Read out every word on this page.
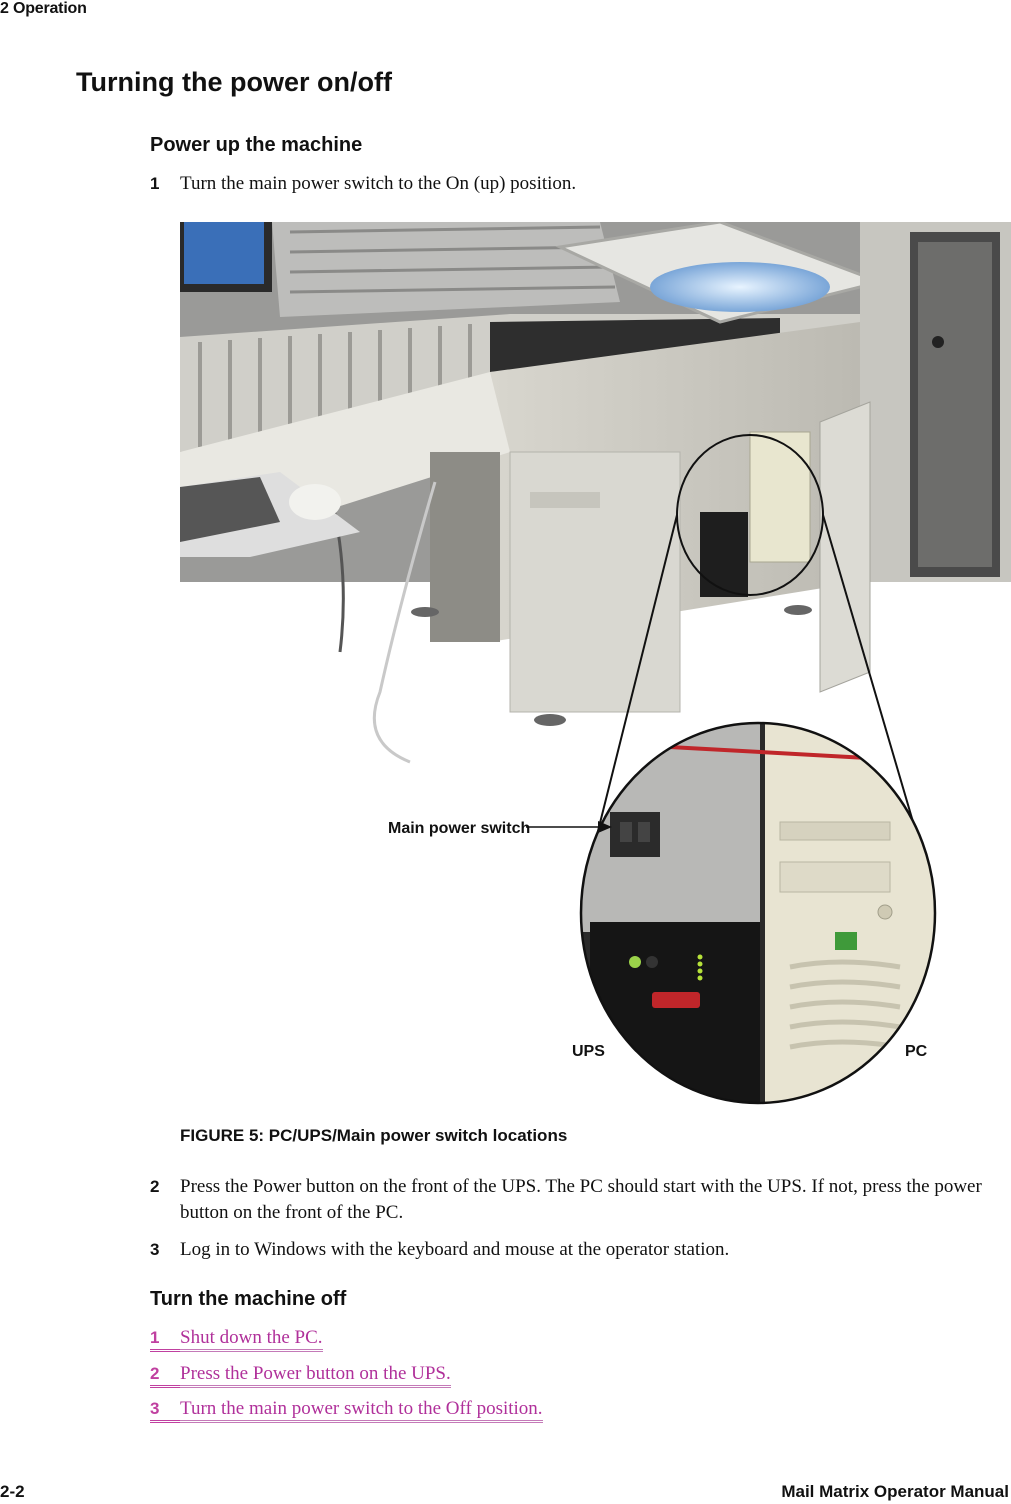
2 Operation
Turning the power on/off
Power up the machine
1	Turn the main power switch to the On (up) position.
Main power switch
UPS	PC
FIGURE 5: PC/UPS/Main power switch locations
2	Press the Power button on the front of the UPS. The PC should start with the UPS. If not, press the power button on the front of the PC.
3	Log in to Windows with the keyboard and mouse at the operator station.
Turn the machine off
1	Shut down the PC.
2	Press the Power button on the UPS.
3	Turn the main power switch to the Off position.
2-2	Mail Matrix Operator Manual
